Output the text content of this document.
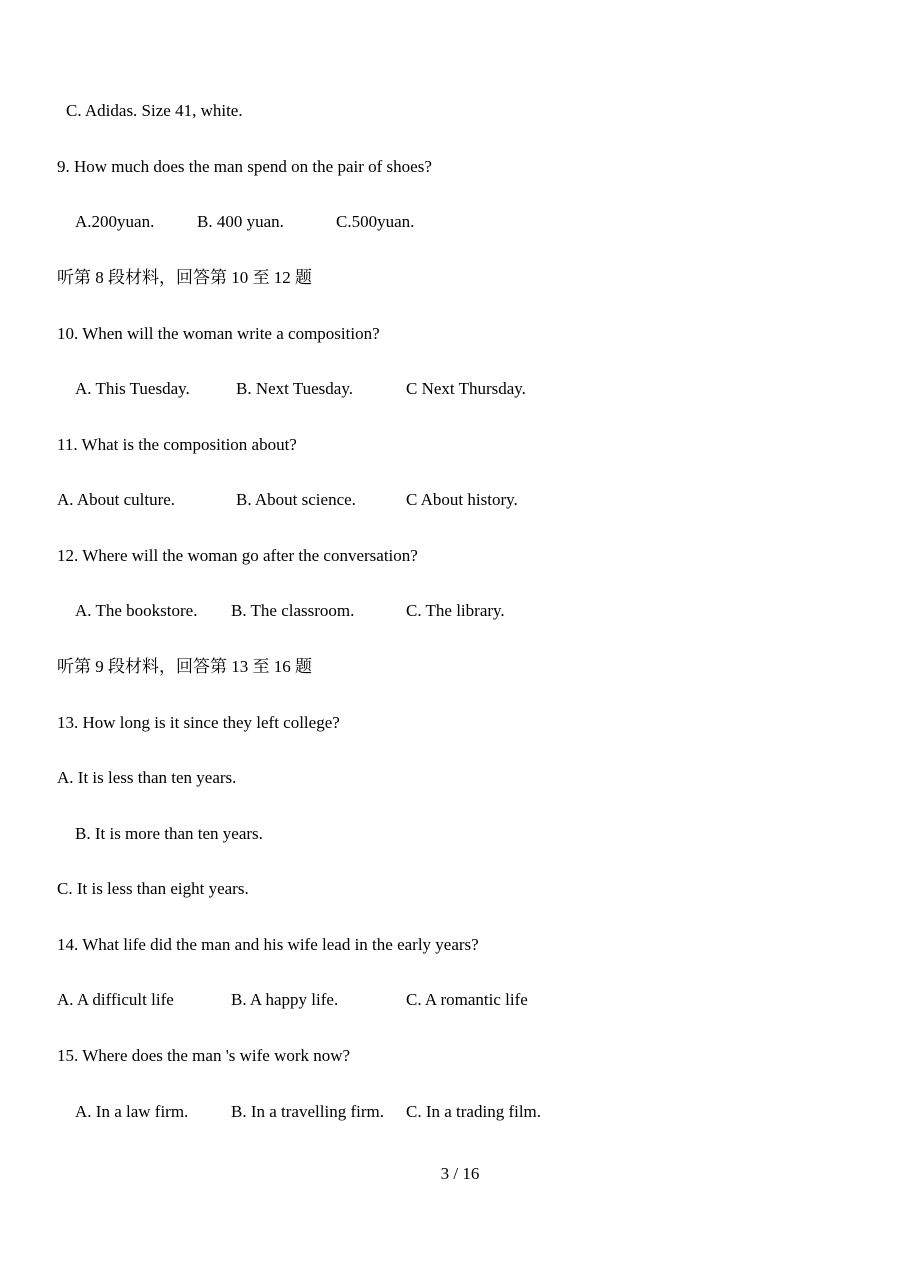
C. Adidas. Size 41, white.
9. How much does the man spend on the pair of shoes?
A.200yuan.	B. 400 yuan.	C.500yuan.
听第 8 段材料，回答第 10 至 12 题
10. When will the woman write a composition?
A. This Tuesday.	B. Next Tuesday.	C Next Thursday.
11. What is the composition about?
A. About culture.	B. About science.	C About history.
12. Where will the woman go after the conversation?
A. The bookstore. B. The classroom.	C. The library.
听第 9 段材料，回答第 13 至 16 题
13. How long is it since they left college?
A. It is less than ten years.
B. It is more than ten years.
C. It is less than eight years.
14. What life did the man and his wife lead in the early years?
A. A difficult life	B. A happy life.	C. A romantic life
15. Where does the man 's wife work now?
A. In a law firm.	B. In a travelling firm. C. In a trading film.
3 / 16
